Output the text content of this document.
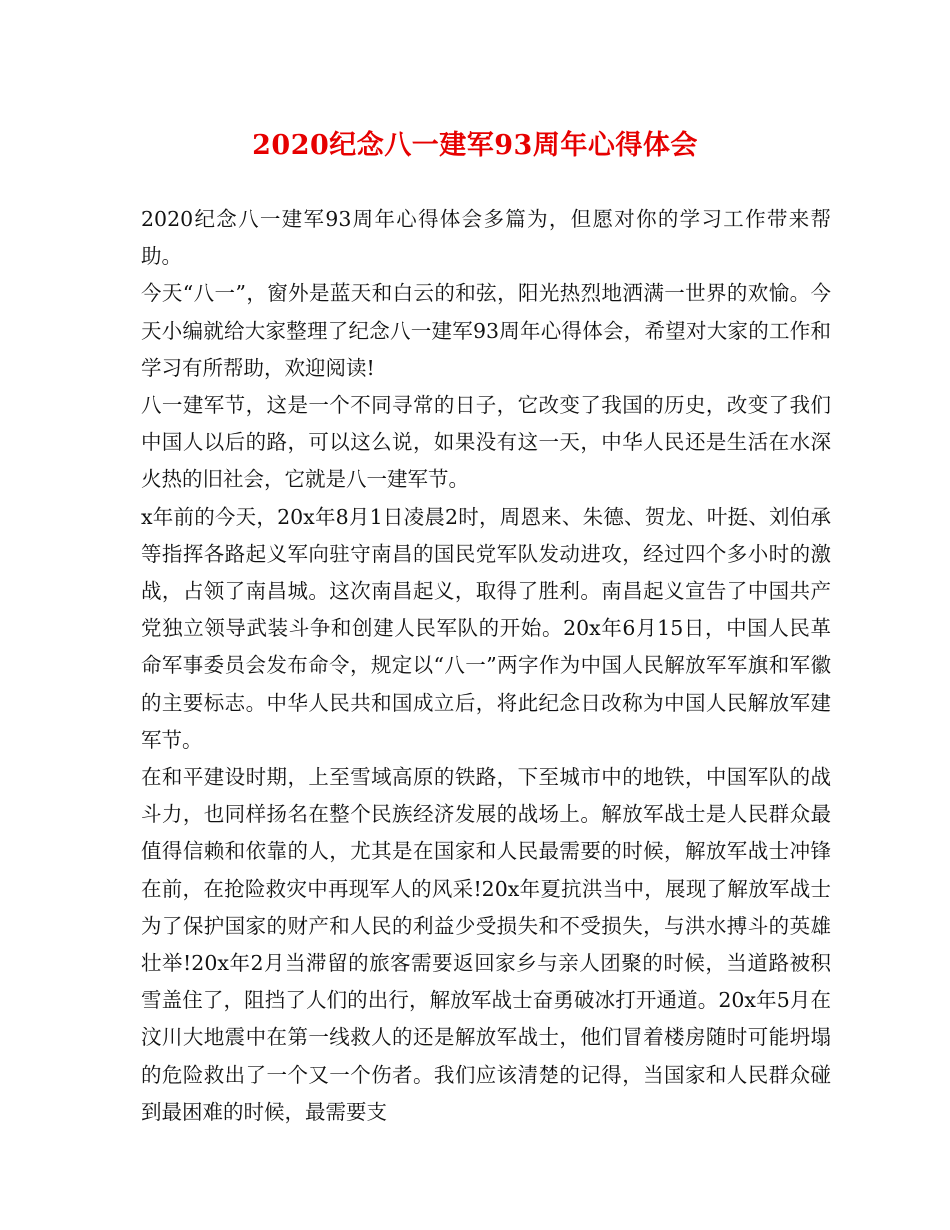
2020纪念八一建军93周年心得体会

2020纪念八一建军93周年心得体会多篇为，但愿对你的学习工作带来帮助。

今天“八一”，窗外是蓝天和白云的和弦，阳光热烈地洒满一世界的欢愉。今天小编就给大家整理了纪念八一建军93周年心得体会，希望对大家的工作和学习有所帮助，欢迎阅读!

八一建军节，这是一个不同寻常的日子，它改变了我国的历史，改变了我们中国人以后的路，可以这么说，如果没有这一天，中华人民还是生活在水深火热的旧社会，它就是八一建军节。

x年前的今天，20x年8月1日凌晨2时，周恩来、朱德、贺龙、叶挺、刘伯承等指挥各路起义军向驻守南昌的国民党军队发动进攻，经过四个多小时的激战，占领了南昌城。这次南昌起义，取得了胜利。南昌起义宣告了中国共产党独立领导武装斗争和创建人民军队的开始。20x年6月15日，中国人民革命军事委员会发布命令，规定以“八一”两字作为中国人民解放军军旗和军徽的主要标志。中华人民共和国成立后，将此纪念日改称为中国人民解放军建军节。

在和平建设时期，上至雪域高原的铁路，下至城市中的地铁，中国军队的战斗力，也同样扬名在整个民族经济发展的战场上。解放军战士是人民群众最值得信赖和依靠的人，尤其是在国家和人民最需要的时候，解放军战士冲锋在前，在抢险救灾中再现军人的风采!20x年夏抗洪当中，展现了解放军战士为了保护国家的财产和人民的利益少受损失和不受损失，与洪水搏斗的英雄壮举!20x年2月当滞留的旅客需要返回家乡与亲人团聚的时候，当道路被积雪盖住了，阻挡了人们的出行，解放军战士奋勇破冰打开通道。20x年5月在汶川大地震中在第一线救人的还是解放军战士，他们冒着楼房随时可能坍塌的危险救出了一个又一个伤者。我们应该清楚的记得，当国家和人民群众碰到最困难的时候，最需要支
